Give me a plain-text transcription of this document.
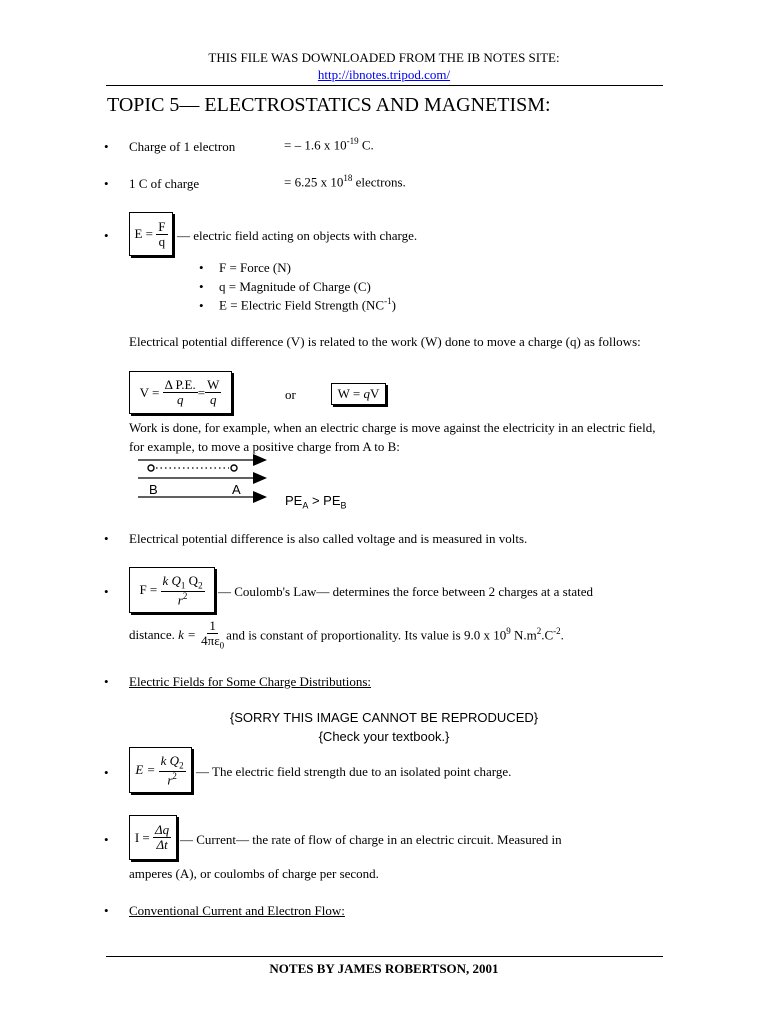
THIS FILE WAS DOWNLOADED FROM THE IB NOTES SITE:
http://ibnotes.tripod.com/
TOPIC 5— ELECTROSTATICS AND MAGNETISM:
• Charge of 1 electron	= – 1.6 x $10^{-19}$ C.
• 1 C of charge	= 6.25 x $10^{18}$ electrons.
• E =
$\frac{F}{q}$ — electric field acting on objects with charge.
• F = Force (N)
• q = Magnitude of Charge (C)
• E = Electric Field Strength $(NC^{-1})$
Electrical potential difference (V) is related to the work (W) done to move a charge (q) as follows:
V =
$\frac{\text{Δ P.E.}}{q} = \frac{W}{q}$	or	W =
q V
Work is done, for example, when an electric charge is move against the electricity in an electric field, for example, to move a positive charge from A to B:
B	A
$PE_A > PE_B$
• Electrical potential difference is also called voltage and is measured in volts.
• F =
$\frac{k Q_1 Q_2}{r^2}$ — Coulomb's Law— determines the force between 2 charges at a stated
distance.
k =
$\frac{1}{4\pi\varepsilon_0}$ and is constant of proportionality. Its value is 9.0 x $10^9$ $N.m^2.C^{-2}$.
• Electric Fields for Some Charge Distributions:
{SORRY THIS IMAGE CANNOT BE REPRODUCED}
{Check your textbook.}
• E =
$\frac{k Q_2}{r^2}$ — The electric field strength due to an isolated point charge.
• I =
$\frac{\Delta q}{\Delta t}$ — Current— the rate of flow of charge in an electric circuit. Measured in
amperes (A), or coulombs of charge per second.
• Conventional Current and Electron Flow:
NOTES BY JAMES ROBERTSON, 2001
